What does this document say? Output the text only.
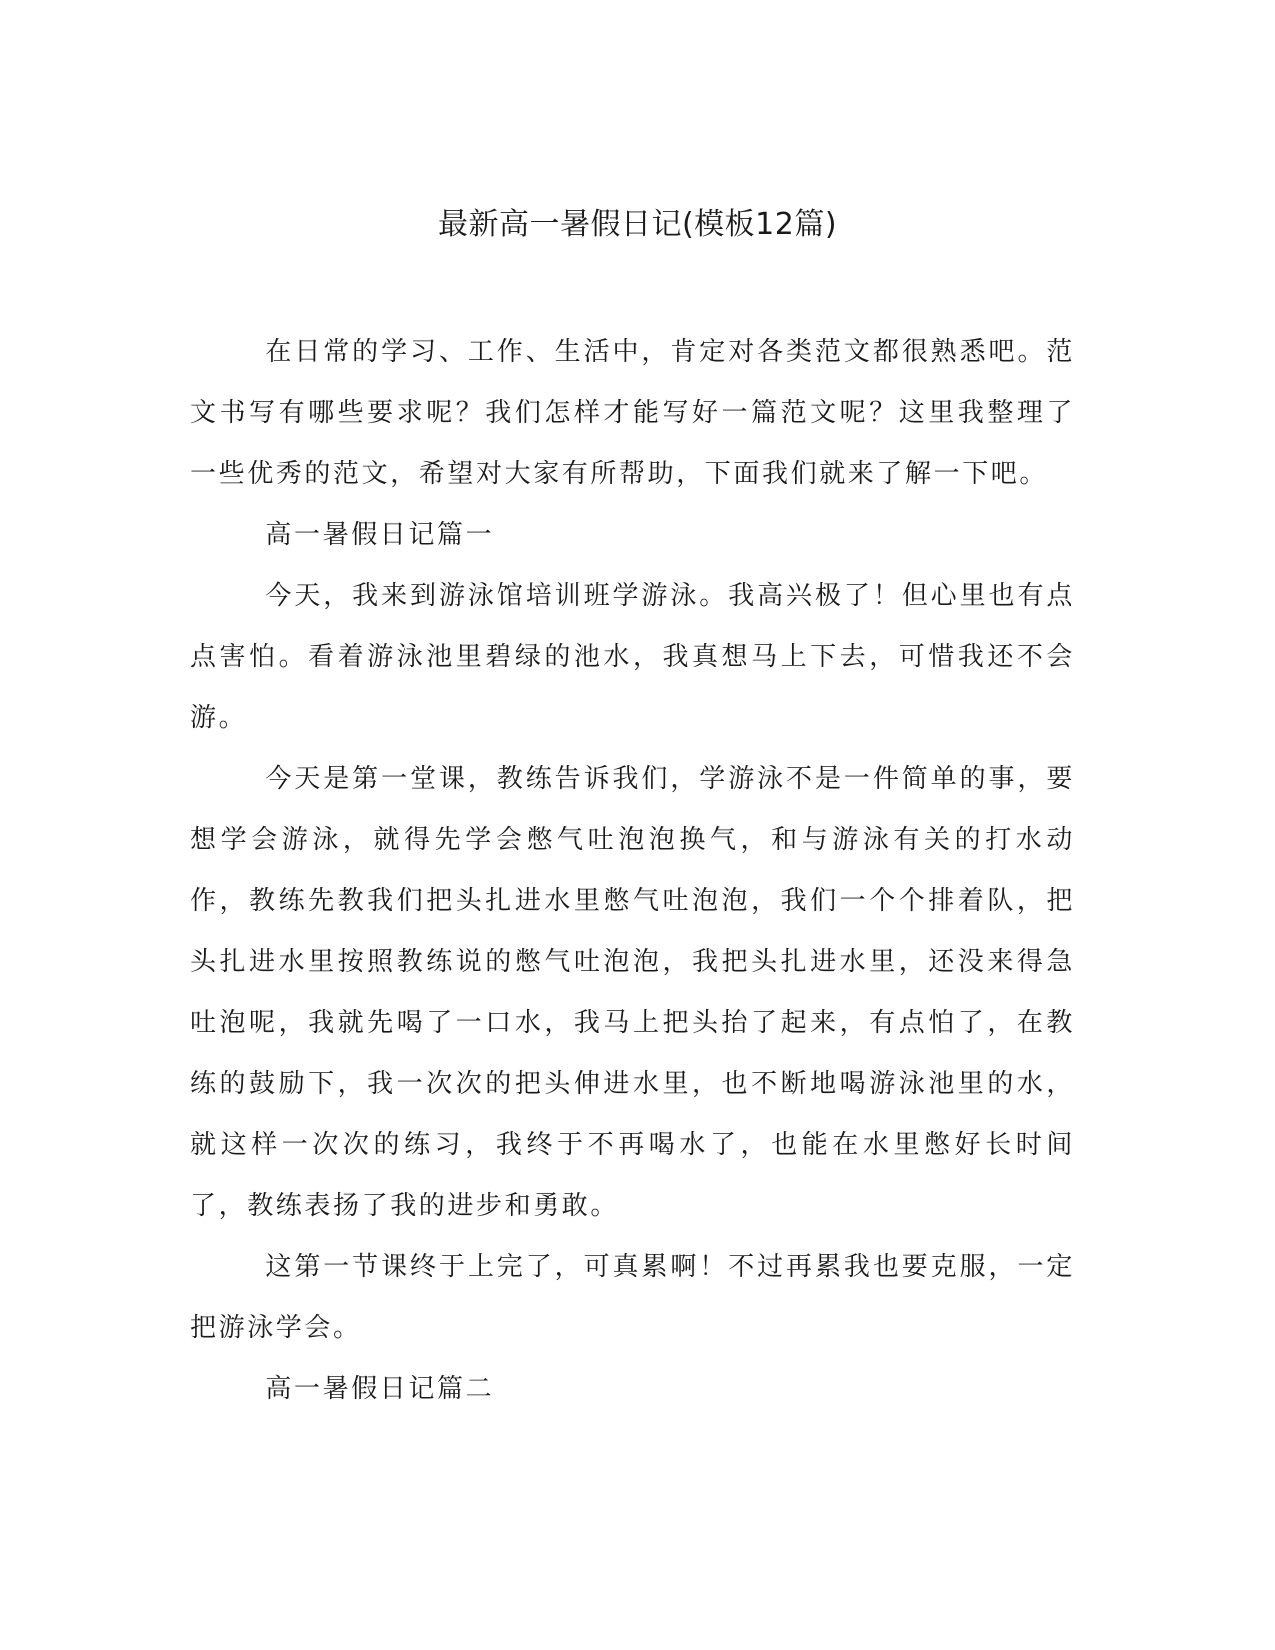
最新高一暑假日记(模板12篇)

在日常的学习、工作、生活中，肯定对各类范文都很熟悉吧。范文书写有哪些要求呢？我们怎样才能写好一篇范文呢？这里我整理了一些优秀的范文，希望对大家有所帮助，下面我们就来了解一下吧。

高一暑假日记篇一

今天，我来到游泳馆培训班学游泳。我高兴极了！但心里也有点点害怕。看着游泳池里碧绿的池水，我真想马上下去，可惜我还不会游。

今天是第一堂课，教练告诉我们，学游泳不是一件简单的事，要想学会游泳，就得先学会憋气吐泡泡换气，和与游泳有关的打水动作，教练先教我们把头扎进水里憋气吐泡泡，我们一个个排着队，把头扎进水里按照教练说的憋气吐泡泡，我把头扎进水里，还没来得急吐泡呢，我就先喝了一口水，我马上把头抬了起来，有点怕了，在教练的鼓励下，我一次次的把头伸进水里，也不断地喝游泳池里的水，就这样一次次的练习，我终于不再喝水了，也能在水里憋好长时间了，教练表扬了我的进步和勇敢。

这第一节课终于上完了，可真累啊！不过再累我也要克服，一定把游泳学会。

高一暑假日记篇二
